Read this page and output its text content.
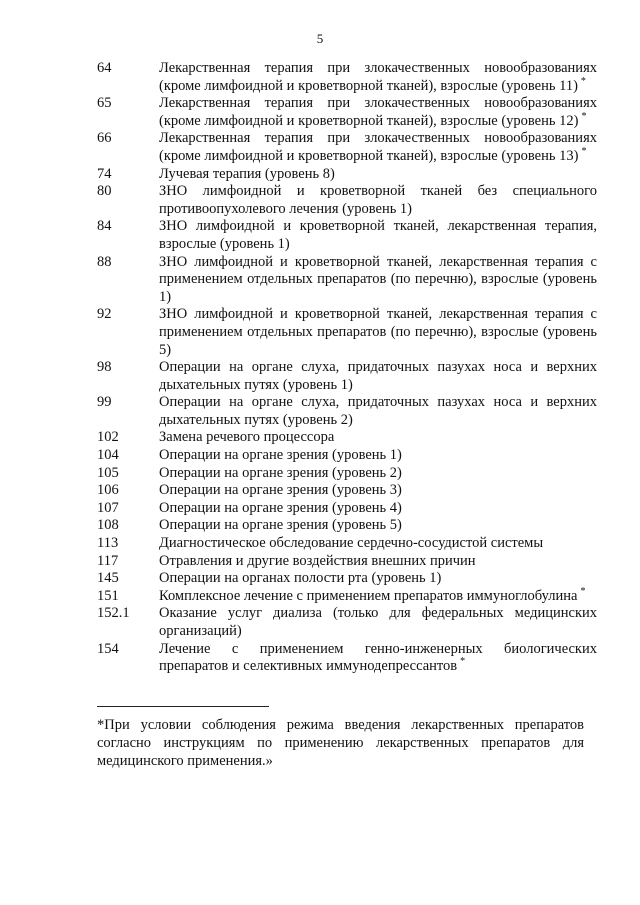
5
64	Лекарственная терапия при злокачественных новообразованиях (кроме лимфоидной и кроветворной тканей), взрослые (уровень 11) *
65	Лекарственная терапия при злокачественных новообразованиях (кроме лимфоидной и кроветворной тканей), взрослые (уровень 12) *
66	Лекарственная терапия при злокачественных новообразованиях (кроме лимфоидной и кроветворной тканей), взрослые (уровень 13) *
74	Лучевая терапия (уровень 8)
80	ЗНО лимфоидной и кроветворной тканей без специального противоопухолевого лечения (уровень 1)
84	ЗНО лимфоидной и кроветворной тканей, лекарственная терапия, взрослые (уровень 1)
88	ЗНО лимфоидной и кроветворной тканей, лекарственная терапия с применением отдельных препаратов (по перечню), взрослые (уровень 1)
92	ЗНО лимфоидной и кроветворной тканей, лекарственная терапия с применением отдельных препаратов (по перечню), взрослые (уровень 5)
98	Операции на органе слуха, придаточных пазухах носа и верхних дыхательных путях (уровень 1)
99	Операции на органе слуха, придаточных пазухах носа и верхних дыхательных путях (уровень 2)
102	Замена речевого процессора
104	Операции на органе зрения (уровень 1)
105	Операции на органе зрения (уровень 2)
106	Операции на органе зрения (уровень 3)
107	Операции на органе зрения (уровень 4)
108	Операции на органе зрения (уровень 5)
113	Диагностическое обследование сердечно-сосудистой системы
117	Отравления и другие воздействия внешних причин
145	Операции на органах полости рта (уровень 1)
151	Комплексное лечение с применением препаратов иммуноглобулина *
152.1	Оказание услуг диализа (только для федеральных медицинских организаций)
154	Лечение с применением генно-инженерных биологических препаратов и селективных иммунодепрессантов *
*При условии соблюдения режима введения лекарственных препаратов согласно инструкциям по применению лекарственных препаратов для медицинского применения.»
